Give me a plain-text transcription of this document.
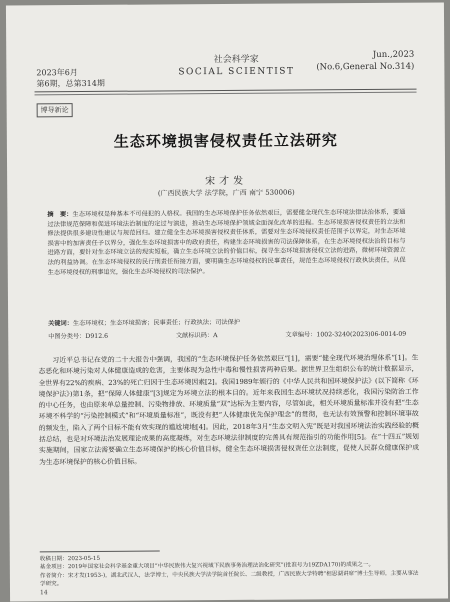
2023年6月
第6期，总第314期
社会科学家
SOCIAL SCIENTIST
Jun.,2023
(No.6,General No.314)
博导新论
生态环境损害侵权责任立法研究
宋才发
(广西民族大学 法学院，广西 南宁 530006)
摘　要：生态环境权是种基本不可侵犯的人格权。我国的生态环境保护任务依然艰巨，需要健全现代生态环境法律法治体系，要通过法律规范保障和促进环境法治制度的定过与演进，推动生态环境保护领域全面深化改革的进程。生态环境损害侵权责任的立法和修法提供很多建设性建议与规范回归。建立健全生态环境损害侵权责任体系，需要对生态环境侵权责任范围予以界定，对生态环境损害中的加害责任予以界分，强化生态环境损害中的政府责任，构建生态环境损害的司法保障体系，在生态环境侵权法治的目标与进路方面，要针对生态环境立法的现实短板，确立生态环境立法的价值目标，探寻生态环境损害侵权立法的进路，微树环境资源立法的利益协调。在生态环境侵权的民行刑责任衔接方面，要明确生态环境侵权的民事责任，规范生态环境侵权行政执法责任，从促生态环境侵权的刑事追究，强化生态环境侵权的司法保护。
关键词：生态环境权；生态环境损害；民事责任；行政执法；司法保护
中图分类号：D912.6	文献标识码：A	文章编号：1002-3240(2023)06-0014-09
习近平总书记在党的二十大报告中强调，我国的“生态环境保护任务依然艰巨”[1]，需要“健全现代环境治理体系”[1]。生态恶化和环境污染对人体健康造成的危害，主要体现为急性中毒和慢性损害两种后果。据世界卫生组织公布的统计数据显示，全世界有22%的疾病、23%的死亡归因于生态环境因素[2]。我国1989年颁行的《中华人民共和国环境保护法》(以下简称《环境保护法》)第1条，把“保障人体健康”[3]规定为环境立法的根本目的。近年来我国生态环境状况持续恶化，我国污染防治工作的中心任务，也由原来单总量控制、污染物排放、环境质量“双”达标为主要内容，尽管如此，相关环境质量标准并没有把“生态环境不科学的“污染控制模式”和“环境质量标准”，既没有把“人体健康优先保护理念”的贯彻，也无法有效预警和控制环境事故的频发生，陷入了两个目标不能有效实现的尴尬境地[4]。因此，2018年3月“生态文明入宪”既是对我国环境法治实践经验的概括总结，也是对环境法治发展理论成果的高度凝练，对生态环境法律制度的完善具有规范指引的功能作用[5]。在“十四五”规划实施期间，国家立法需要确立生态环境保护的核心价值目标，健全生态环境损害侵权责任立法制度，促使人民群众健康保护成为生态环境保护的核心价值目标。
收稿日期：2023-05-15
基金项目：2019年国家社会科学基金重大项目“中华民族伟大复兴视域下民族事务治理法治化研究”(批准号为19ZDA170)的成果之一。
作者简介：宋才发(1953-)，湖北武汉人，法学博士，中央民族大学法学院首任院长、二级教授，广西民族大学特聘“相思湖讲席”博士生导师，主要从事法学研究。
14
